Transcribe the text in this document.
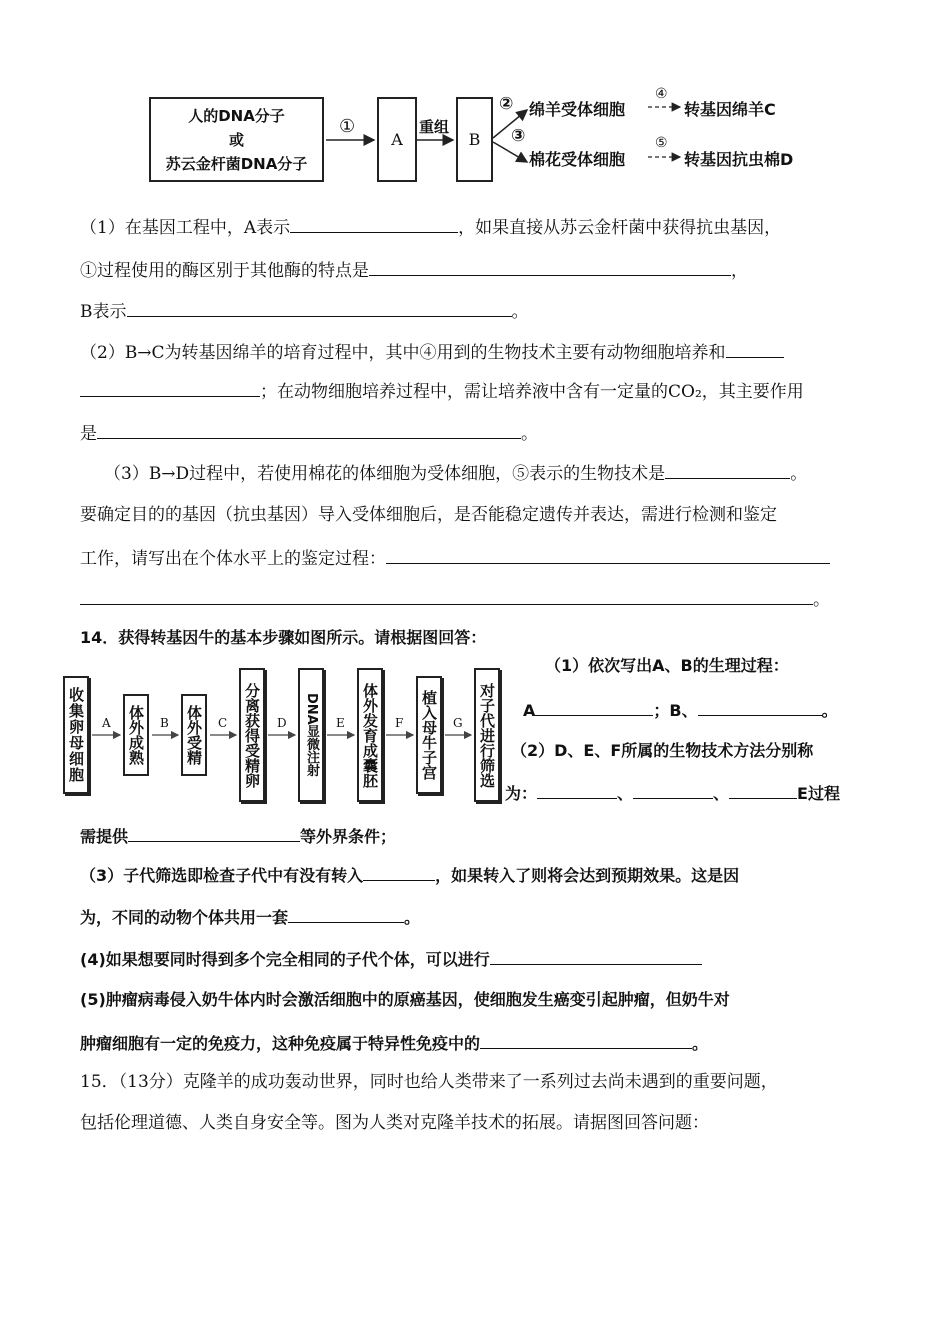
人的DNA分子
或
苏云金杆菌DNA分子
①
A
重组
B
②
③
绵羊受体细胞
④
转基因绵羊C
棉花受体细胞
⑤
转基因抗虫棉D
（1）在基因工程中，A表示	，如果直接从苏云金杆菌中获得抗虫基因，
①过程使用的酶区别于其他酶的特点是	，
B表示	。
（2）B→C为转基因绵羊的培育过程中，其中④用到的生物技术主要有动物细胞培养和
；在动物细胞培养过程中，需让培养液中含有一定量的CO₂，其主要作用
是	。
（3）B→D过程中，若使用棉花的体细胞为受体细胞，⑤表示的生物技术是	。
要确定目的的基因（抗虫基因）导入受体细胞后，是否能稳定遗传并表达，需进行检测和鉴定
工作，请写出在个体水平上的鉴定过程：
。
14．获得转基因牛的基本步骤如图所示。请根据图回答：
收集卵母细胞	体外成熟	体外受精	分离获得受精卵	DNA显微注射	体外发育成囊胚	植入母牛子宫	对子代进行筛选
A	B	C	D	E	F	G
（1）依次写出A、B的生理过程：
A	；B、	。
（2）D、E、F所属的生物技术方法分别称
为：	、	、	E过程
需提供	等外界条件；
（3）子代筛选即检查子代中有没有转入	，如果转入了则将会达到预期效果。这是因
为，不同的动物个体共用一套	。
(4)如果想要同时得到多个完全相同的子代个体，可以进行
(5)肿瘤病毒侵入奶牛体内时会激活细胞中的原癌基因，使细胞发生癌变引起肿瘤，但奶牛对
肿瘤细胞有一定的免疫力，这种免疫属于特异性免疫中的	。
15．（13分）克隆羊的成功轰动世界，同时也给人类带来了一系列过去尚未遇到的重要问题，
包括伦理道德、人类自身安全等。图为人类对克隆羊技术的拓展。请据图回答问题：
